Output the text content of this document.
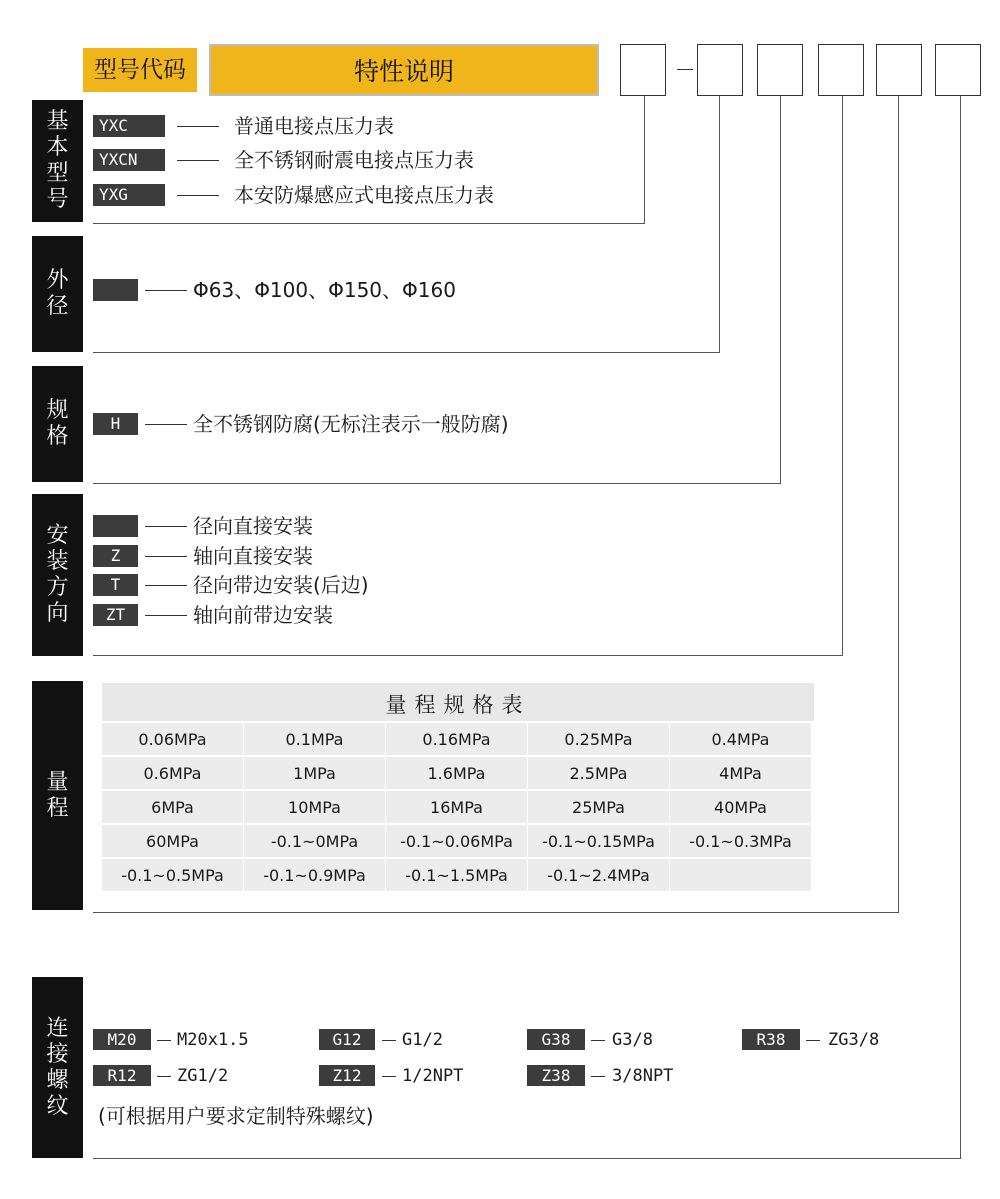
型号代码	特性说明
基本型号
YXC	普通电接点压力表
YXCN	全不锈钢耐震电接点压力表
YXG	本安防爆感应式电接点压力表
外径
Φ63、Φ100、Φ150、Φ160
规格
H	全不锈钢防腐(无标注表示一般防腐)
安装方向
径向直接安装
Z	轴向直接安装
T	径向带边安装(后边)
ZT	轴向前带边安装
量程
量程规格表
0.06MPa	0.1MPa	0.16MPa	0.25MPa	0.4MPa
0.6MPa	1MPa	1.6MPa	2.5MPa	4MPa
6MPa	10MPa	16MPa	25MPa	40MPa
60MPa	-0.1~0MPa	-0.1~0.06MPa	-0.1~0.15MPa	-0.1~0.3MPa
-0.1~0.5MPa	-0.1~0.9MPa	-0.1~1.5MPa	-0.1~2.4MPa
连接螺纹
M20	M20x1.5	G12	G1/2	G38	G3/8	R38	ZG3/8
R12	ZG1/2	Z12	1/2NPT	Z38	3/8NPT
(可根据用户要求定制特殊螺纹)
